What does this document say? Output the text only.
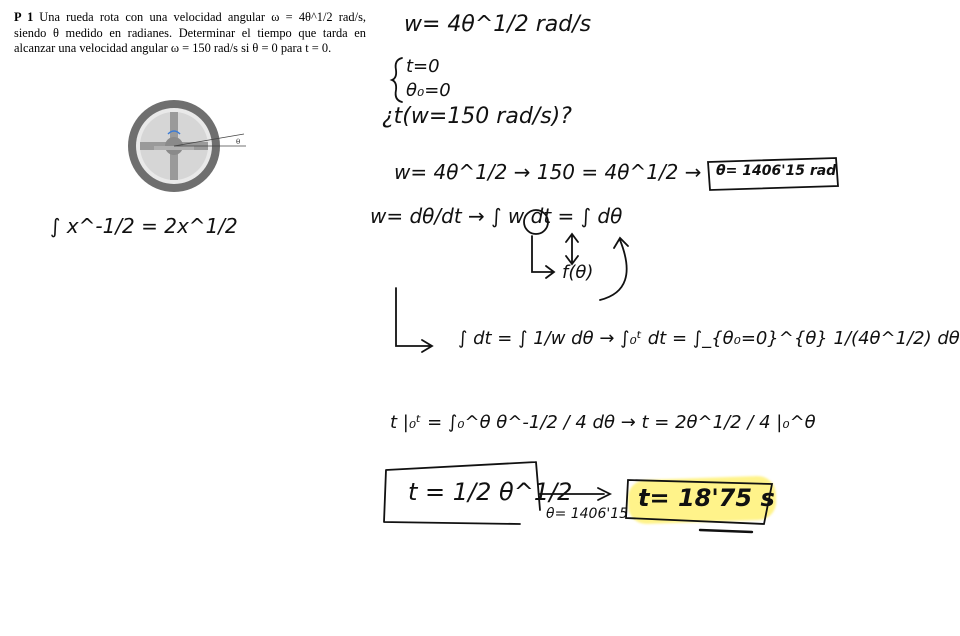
P 1 Una rueda rota con una velocidad angular ω = 4θ^1/2 rad/s, siendo θ medido en radianes. Determinar el tiempo que tarda en alcanzar una velocidad angular ω = 150 rad/s si θ = 0 para t = 0.
θ
w= 4θ^1/2 rad/s
t=0
θ₀=0
¿t(w=150 rad/s)?
w= 4θ^1/2 → 150 = 4θ^1/2 → θ= 1406'15 rad
∫ x^-1/2 = 2x^1/2	w= dθ/dt → ∫ w dt = ∫ dθ
f(θ)
∫ dt = ∫ 1/w dθ → ∫₀ᵗ dt = ∫_{θ₀=0}^{θ} 1/(4θ^1/2) dθ
t |₀ᵗ = ∫₀^θ θ^-1/2 / 4 dθ → t = 2θ^1/2 / 4 |₀^θ
t = 1/2 θ^1/2
θ= 1406'15
t= 18'75 s
